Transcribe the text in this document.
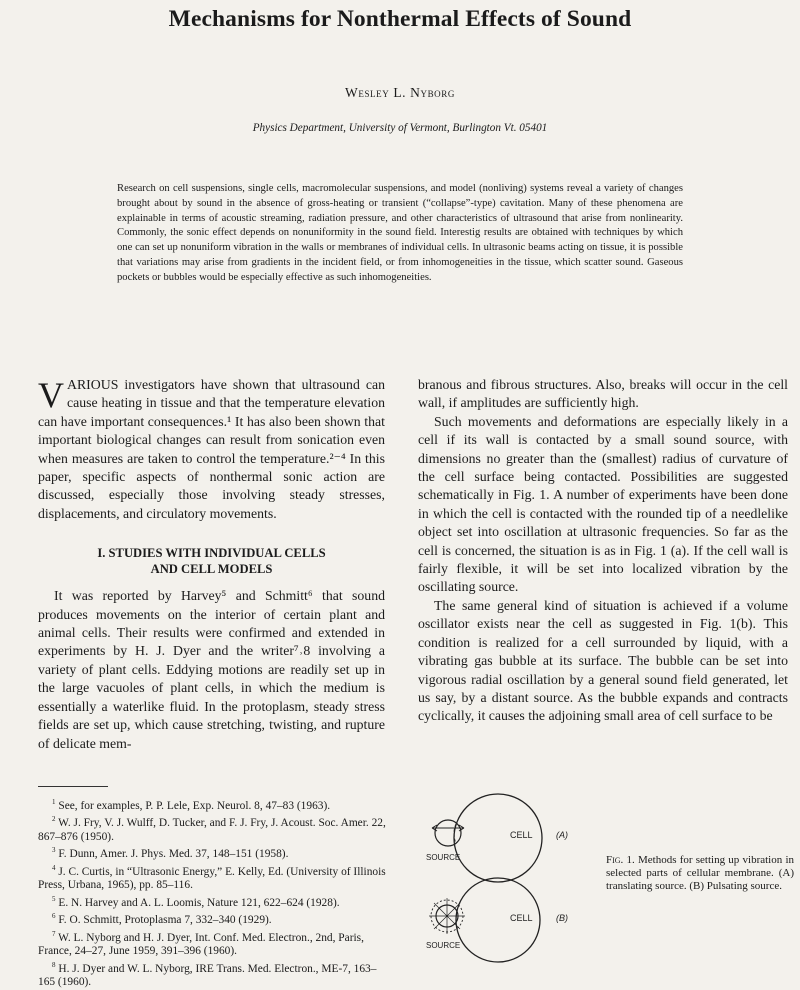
Mechanisms for Nonthermal Effects of Sound
Wesley L. Nyborg
Physics Department, University of Vermont, Burlington Vt. 05401
Research on cell suspensions, single cells, macromolecular suspensions, and model (nonliving) systems reveal a variety of changes brought about by sound in the absence of gross-heating or transient (“collapse”-type) cavitation. Many of these phenomena are explainable in terms of acoustic streaming, radiation pressure, and other characteristics of ultrasound that arise from nonlinearity. Commonly, the sonic effect depends on nonuniformity in the sound field. Interestig results are obtained with techniques by which one can set up nonuniform vibration in the walls or membranes of individual cells. In ultrasonic beams acting on tissue, it is possible that variations may arise from gradients in the incident field, or from inhomogeneities in the tissue, which scatter sound. Gaseous pockets or bubbles would be especially effective as such inhomogeneities.

VARIOUS investigators have shown that ultrasound can cause heating in tissue and that the temperature elevation can have important consequences.¹ It has also been shown that important biological changes can result from sonication even when measures are taken to control the temperature.²⁻⁴ In this paper, specific aspects of nonthermal sonic action are discussed, especially those involving steady stresses, displacements, and circulatory movements.

I. STUDIES WITH INDIVIDUAL CELLS
AND CELL MODELS

It was reported by Harvey⁵ and Schmitt⁶ that sound produces movements on the interior of certain plant and animal cells. Their results were confirmed and extended in experiments by H. J. Dyer and the writer⁷˒8 involving a variety of plant cells. Eddying motions are readily set up in the large vacuoles of plant cells, in which the medium is essentially a waterlike fluid. In the protoplasm, steady stress fields are set up, which cause stretching, twisting, and rupture of delicate mem-

branous and fibrous structures. Also, breaks will occur in the cell wall, if amplitudes are sufficiently high.

Such movements and deformations are especially likely in a cell if its wall is contacted by a small sound source, with dimensions no greater than the (smallest) radius of curvature of the cell surface being contacted. Possibilities are suggested schematically in Fig. 1. A number of experiments have been done in which the cell is contacted with the rounded tip of a needlelike object set into oscillation at ultrasonic frequencies. So far as the cell is concerned, the situation is as in Fig. 1 (a). If the cell wall is fairly flexible, it will be set into localized vibration by the oscillating source.

The same general kind of situation is achieved if a volume oscillator exists near the cell as suggested in Fig. 1(b). This condition is realized for a cell surrounded by liquid, with a vibrating gas bubble at its surface. The bubble can be set into vigorous radial oscillation by a general sound field generated, let us say, by a distant source. As the bubble expands and contracts cyclically, it causes the adjoining small area of cell surface to be

$^1$ See, for examples, P. P. Lele, Exp. Neurol. 8, 47–83 (1963).

$^2$ W. J. Fry, V. J. Wulff, D. Tucker, and F. J. Fry, J. Acoust. Soc. Amer. 22, 867–876 (1950).

$^3$ F. Dunn, Amer. J. Phys. Med. 37, 148–151 (1958).

$^4$ J. C. Curtis, in “Ultrasonic Energy,” E. Kelly, Ed. (University of Illinois Press, Urbana, 1965), pp. 85–116.

$^5$ E. N. Harvey and A. L. Loomis, Nature 121, 622–624 (1928).

$^6$ F. O. Schmitt, Protoplasma 7, 332–340 (1929).

$^7$ W. L. Nyborg and H. J. Dyer, Int. Conf. Med. Electron., 2nd, Paris, France, 24–27, June 1959, 391–396 (1960).

$^8$ H. J. Dyer and W. L. Nyborg, IRE Trans. Med. Electron., ME-7, 163–165 (1960).

CELL
SOURCE
(A)
CELL
SOURCE
(B)
Fig. 1. Methods for setting up vibration in selected parts of cellular membrane. (A) translating source. (B) Pulsating source.
